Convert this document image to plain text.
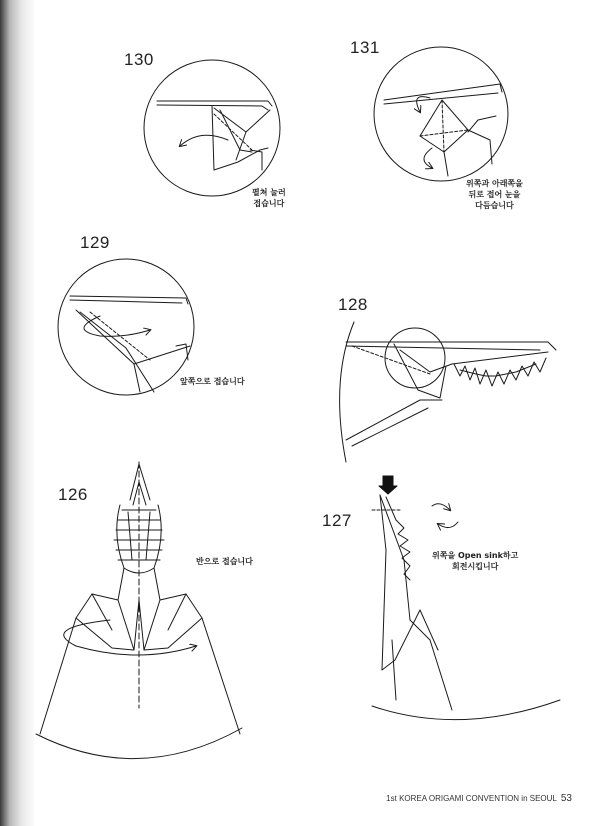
130
131
129
128
126
127
펼쳐 눌러
접습니다
위쪽과 아래쪽을
뒤로 접어 눈을
다듬습니다
앞쪽으로 접습니다
반으로 접습니다
위쪽을 Open sink하고
회전시킵니다
1st KOREA ORIGAMI CONVENTION in SEOUL 53
